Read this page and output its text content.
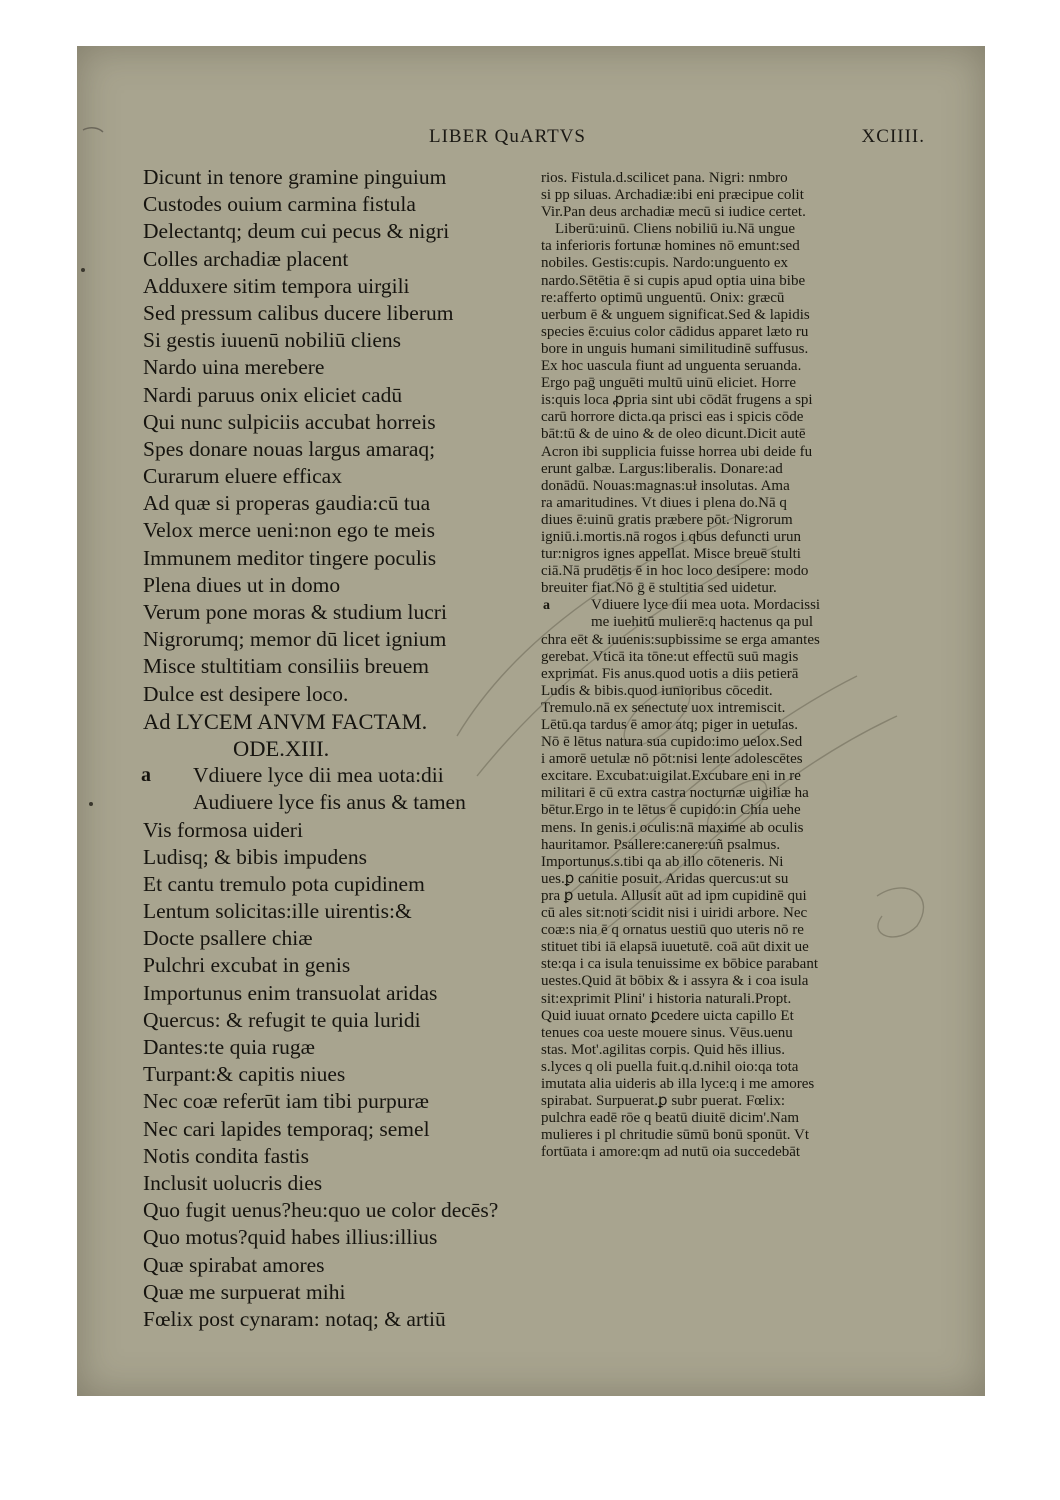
LIBER QuARTVS	XCIIII.
Dicunt in tenore gramine pinguium
Custodes ouium carmina fistula
Delectantq; deum cui pecus & nigri
Colles archadiæ placent
Adduxere sitim tempora uirgili
Sed pressum calibus ducere liberum
Si gestis iuuenū nobiliū cliens
Nardo uina merebere
Nardi paruus onix eliciet cadū
Qui nunc sulpiciis accubat horreis
Spes donare nouas largus amaraq;
Curarum eluere efficax
Ad quæ si properas gaudia:cū tua
Velox merce ueni:non ego te meis
Immunem meditor tingere poculis
Plena diues ut in domo
Verum pone moras & studium lucri
Nigrorumq; memor dū licet ignium
Misce stultitiam consiliis breuem
Dulce est desipere loco.
Ad LYCEM ANVM FACTAM.
ODE.XIII.
a Vdiuere lyce dii mea uota:dii
Audiuere lyce fis anus & tamen
Vis formosa uideri
Ludisq; & bibis impudens
Et cantu tremulo pota cupidinem
Lentum solicitas:ille uirentis:&
Docte psallere chiæ
Pulchri excubat in genis
Importunus enim transuolat aridas
Quercus: & refugit te quia luridi
Dantes:te quia rugæ
Turpant:& capitis niues
Nec coæ referūt iam tibi purpuræ
Nec cari lapides temporaq; semel
Notis condita fastis
Inclusit uolucris dies
Quo fugit uenus?heu:quo ue color decēs?
Quo motus?quid habes illius:illius
Quæ spirabat amores
Quæ me surpuerat mihi
Fœlix post cynaram: notaq; & artiū
rios. Fistula.d.scilicet pana. Nigri: nmbro
si pp siluas. Archadiæ:ibi eni præcipue colit
Vir.Pan deus archadiæ mecū si iudice certet.
Liberū:uinū. Cliens nobiliū iu.Nā ungue
ta inferioris fortunæ homines nō emunt:sed
nobiles. Gestis:cupis. Nardo:unguento ex
nardo.Sētētia ē si cupis apud optia uina bibe
re:afferto optimū unguentū. Onix: græcū
uerbum ē & unguem significat.Sed & lapidis
species ē:cuius color cādidus apparet læto ru
bore in unguis humani similitudinē suffusus.
Ex hoc uascula fiunt ad unguenta seruanda.
Ergo paḡ unguēti multū uinū eliciet. Horre
is:quis loca ꝓpria sint ubi cōdāt frugens a spi
carū horrore dicta.qa prisci eas i spicis cōde
bāt:tū & de uino & de oleo dicunt.Dicit autē
Acron ibi supplicia fuisse horrea ubi deide fu
erunt galbæ. Largus:liberalis. Donare:ad
donādū. Nouas:magnas:uł insolutas. Ama
ra amaritudines. Vt diues i plena do.Nā q
diues ē:uinū gratis præbere pōt. Nigrorum
igniū.i.mortis.nā rogos i qbus defuncti urun
tur:nigros ignes appellat. Misce breuē stulti
ciā.Nā prudētis ē in hoc loco desipere: modo
breuiter fiat.Nō ḡ ē stultitia sed uidetur.
a	Vdiuere lyce dii mea uota. Mordacissi
me iuehitū mulierē:q hactenus qa pul
chra eēt & iuuenis:supbissime se erga amantes
gerebat. Vticā ita tōne:ut effectū suū magis
exprimat. Fis anus.quod uotis a diis petierā
Ludis & bibis.quod iunioribus cōcedit.
Tremulo.nā ex senectute uox intremiscit.
Lētū.qa tardus ē amor atq; piger in uetulas.
Nō ē lētus natura sua cupido:imo uelox.Sed
i amorē uetulæ nō pōt:nisi lente adolescētes
excitare. Excubat:uigilat.Excubare eni in re
militari ē cū extra castra nocturnæ uigiliæ ha
bētur.Ergo in te lētus ē cupido:in Chia uehe
mens. In genis.i oculis:nā maxime ab oculis
hauritamor. Psallere:canere:uñ psalmus.
Importunus.s.tibi qa ab illo cōteneris. Ni
ues.ꝑ canitie posuit. Aridas quercus:ut su
pra ꝑ uetula. Allusit aūt ad ipm cupidinē qui
cū ales sit:noti scidit nisi i uiridi arbore. Nec
coæ:s nia ē q ornatus uestiū quo uteris nō re
stituet tibi iā elapsā iuuetutē. coā aūt dixit ue
ste:qa i ca isula tenuissime ex bōbice parabant
uestes.Quid āt bōbix & i assyra & i coa isula
sit:exprimit Plini' i historia naturali.Propt.
Quid iuuat ornato ꝑcedere uicta capillo Et
tenues coa ueste mouere sinus. Vēus.uenu
stas. Mot'.agilitas corpis. Quid hēs illius.
s.lyces q oli puella fuit.q.d.nihil oio:qa tota
imutata alia uideris ab illa lyce:q i me amores
spirabat. Surpuerat.ꝑ subr puerat. Fœlix:
pulchra eadē rōe q beatū diuitē dicim'.Nam
mulieres i pl chritudie sūmū bonū sponūt. Vt
fortūata i amore:qm ad nutū oia succedebāt
